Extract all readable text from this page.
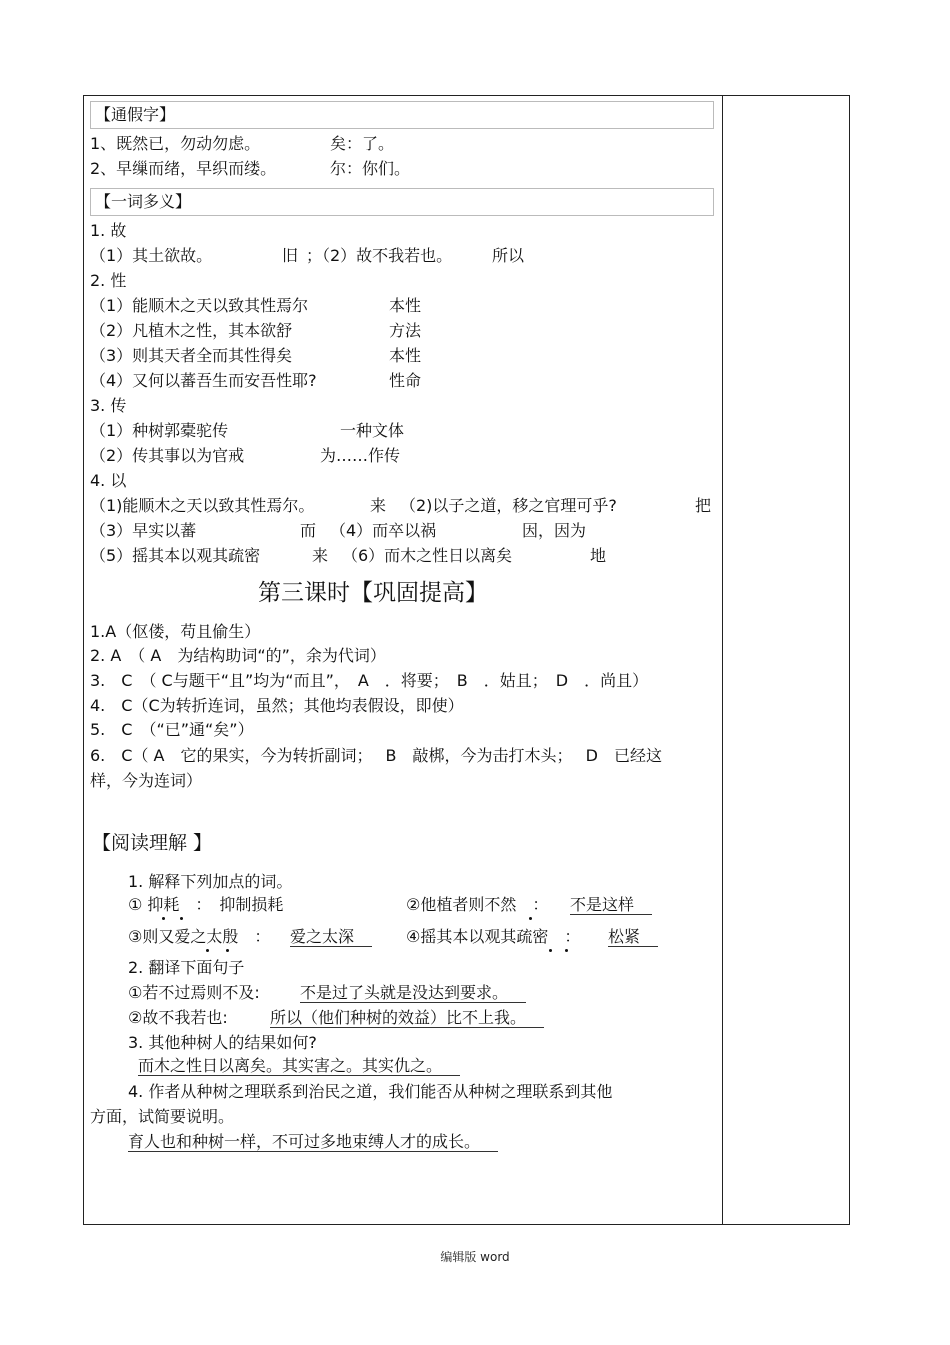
【通假字】
1、既然已，勿动勿虑。	矣：了。
2、早缫而绪，早织而缕。	尔：你们。
【一词多义】
1. 故
（1）其土欲故。	旧 ；（2）故不我若也。 所以
2. 性
（1）能顺木之天以致其性焉尔	本性
（2）凡植木之性，其本欲舒	方法
（3）则其天者全而其性得矣	本性
（4）又何以蕃吾生而安吾性耶?	性命
3. 传
（1）种树郭橐驼传	一种文体
（2）传其事以为官戒	为……作传
4. 以
（1)能顺木之天以致其性焉尔。	来 （2)以子之道，移之官理可乎?	把
（3）早实以蕃	而 （4）而卒以祸	因，因为
（5）摇其本以观其疏密	来 （6）而木之性日以离矣	地
第三课时【巩固提高】
1.A（伛偻，苟且偷生）
2. A　（ A　为结构助词“的”，余为代词）
3.　C　（ C与题干“且”均为“而且”，　A　．将要；　B　．姑且；　D　．尚且）
4.　C（C为转折连词，虽然；其他均表假设，即使）
5.　C　（“已”通“矣”）
6.　C（ A　它的果实，今为转折副词；　 B　敲梆，今为击打木头；　 D　已经这
样，今为连词）
【阅读理解 】
1. 解释下列加点的词。
① 抑耗　：　抑制损耗	②他植者则不然　： 不是这样
③则又爱之太殷　： 爱之太深	④摇其本以观其疏密　： 松紧
2. 翻译下面句子
①若不过焉则不及:	不是过了头就是没达到要求。
②故不我若也:	所以（他们种树的效益）比不上我。
3. 其他种树人的结果如何?
而木之性日以离矣。其实害之。其实仇之。
4. 作者从种树之理联系到治民之道，我们能否从种树之理联系到其他
方面，试简要说明。
育人也和种树一样，不可过多地束缚人才的成长。
编辑版 word
